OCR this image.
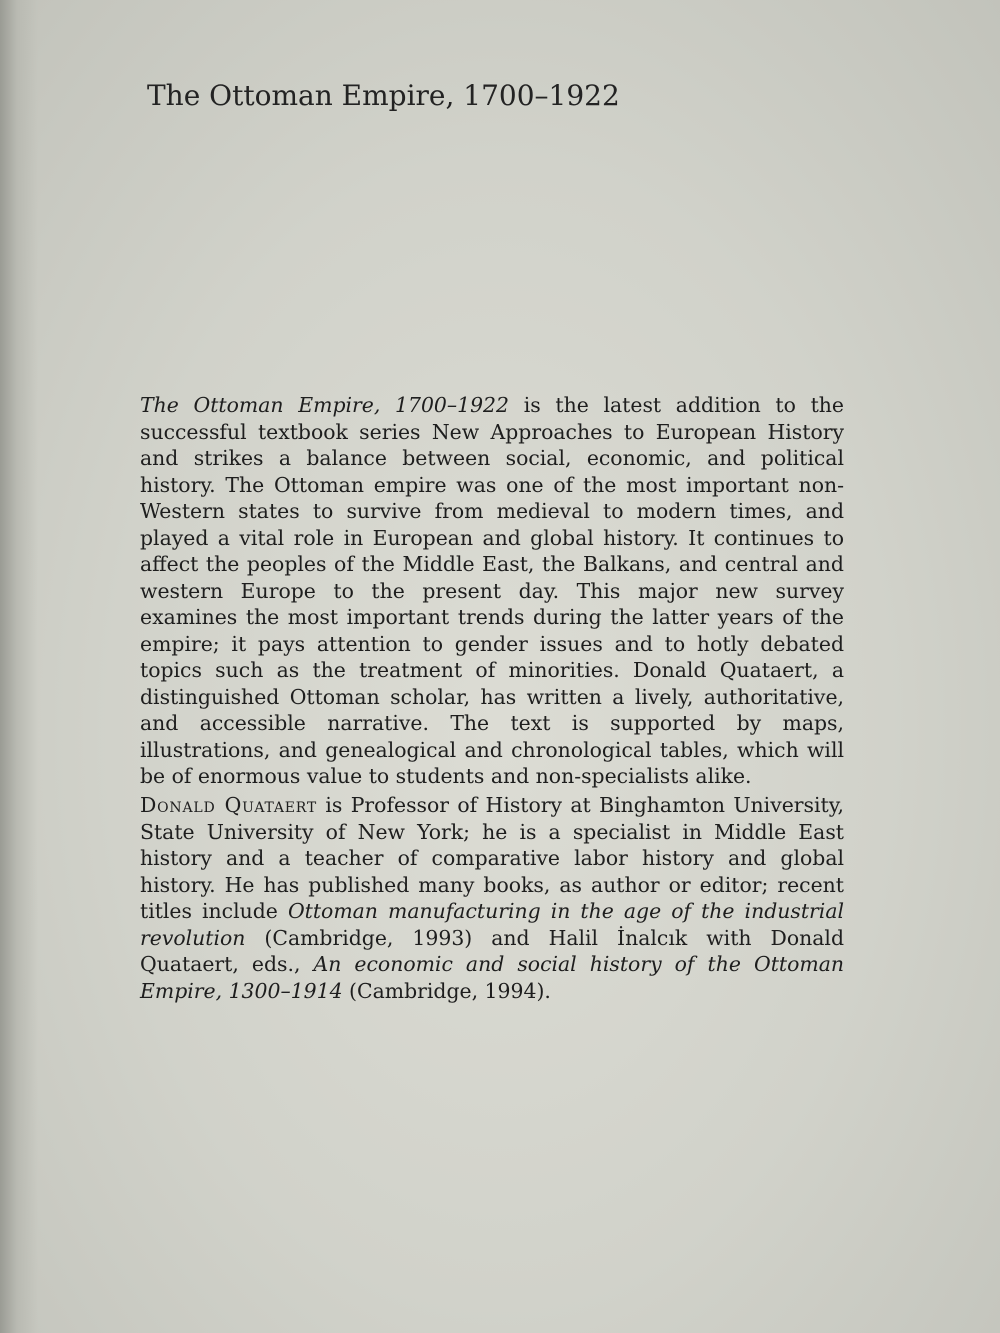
The Ottoman Empire, 1700–1922

The Ottoman Empire, 1700–1922 is the latest addition to the successful textbook series New Approaches to European History and strikes a balance between social, economic, and political history. The Ottoman empire was one of the most important non-Western states to survive from medieval to modern times, and played a vital role in European and global history. It continues to affect the peoples of the Middle East, the Balkans, and central and western Europe to the present day. This major new survey examines the most important trends during the latter years of the empire; it pays attention to gender issues and to hotly debated topics such as the treatment of minorities. Donald Quataert, a distinguished Ottoman scholar, has written a lively, authoritative, and accessible narrative. The text is supported by maps, illustrations, and genealogical and chronological tables, which will be of enormous value to students and non-specialists alike.

Donald Quataert is Professor of History at Binghamton University, State University of New York; he is a specialist in Middle East history and a teacher of comparative labor history and global history. He has published many books, as author or editor; recent titles include Ottoman manufacturing in the age of the industrial revolution (Cambridge, 1993) and Halil İnalcık with Donald Quataert, eds., An economic and social history of the Ottoman Empire, 1300–1914 (Cambridge, 1994).
